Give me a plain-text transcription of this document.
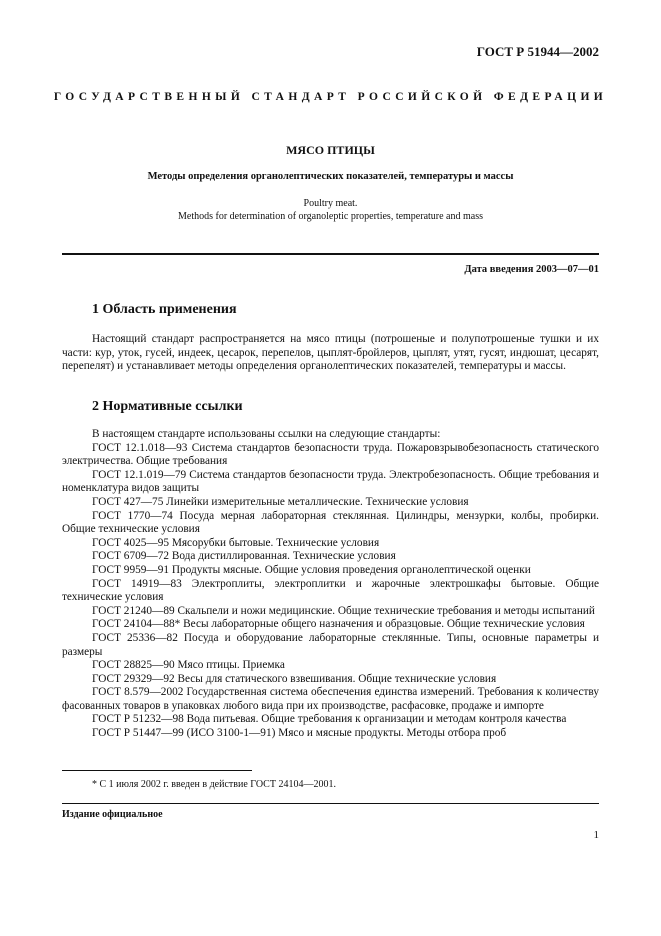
ГОСТ Р 51944—2002
ГОСУДАРСТВЕННЫЙ СТАНДАРТ РОССИЙСКОЙ ФЕДЕРАЦИИ
МЯСО ПТИЦЫ
Методы определения органолептических показателей, температуры и массы
Poultry meat.
Methods for determination of organoleptic properties, temperature and mass
Дата введения 2003—07—01
1 Область применения

Настоящий стандарт распространяется на мясо птицы (потрошеные и полупотрошеные тушки и их части: кур, уток, гусей, индеек, цесарок, перепелов, цыплят-бройлеров, цыплят, утят, гусят, индюшат, цесарят, перепелят) и устанавливает методы определения органолептических показателей, температуры и массы.

2 Нормативные ссылки

В настоящем стандарте использованы ссылки на следующие стандарты:

ГОСТ 12.1.018—93 Система стандартов безопасности труда. Пожаровзрывобезопасность статического электричества. Общие требования

ГОСТ 12.1.019—79 Система стандартов безопасности труда. Электробезопасность. Общие требования и номенклатура видов защиты

ГОСТ 427—75 Линейки измерительные металлические. Технические условия

ГОСТ 1770—74 Посуда мерная лабораторная стеклянная. Цилиндры, мензурки, колбы, пробирки. Общие технические условия

ГОСТ 4025—95 Мясорубки бытовые. Технические условия

ГОСТ 6709—72 Вода дистиллированная. Технические условия

ГОСТ 9959—91 Продукты мясные. Общие условия проведения органолептической оценки

ГОСТ 14919—83 Электроплиты, электроплитки и жарочные электрошкафы бытовые. Общие технические условия

ГОСТ 21240—89 Скальпели и ножи медицинские. Общие технические требования и методы испытаний

ГОСТ 24104—88* Весы лабораторные общего назначения и образцовые. Общие технические условия

ГОСТ 25336—82 Посуда и оборудование лабораторные стеклянные. Типы, основные параметры и размеры

ГОСТ 28825—90 Мясо птицы. Приемка

ГОСТ 29329—92 Весы для статического взвешивания. Общие технические условия

ГОСТ 8.579—2002 Государственная система обеспечения единства измерений. Требования к количеству фасованных товаров в упаковках любого вида при их производстве, расфасовке, продаже и импорте

ГОСТ Р 51232—98 Вода питьевая. Общие требования к организации и методам контроля качества

ГОСТ Р 51447—99 (ИСО 3100-1—91) Мясо и мясные продукты. Методы отбора проб

* С 1 июля 2002 г. введен в действие ГОСТ 24104—2001.
Издание официальное
1
